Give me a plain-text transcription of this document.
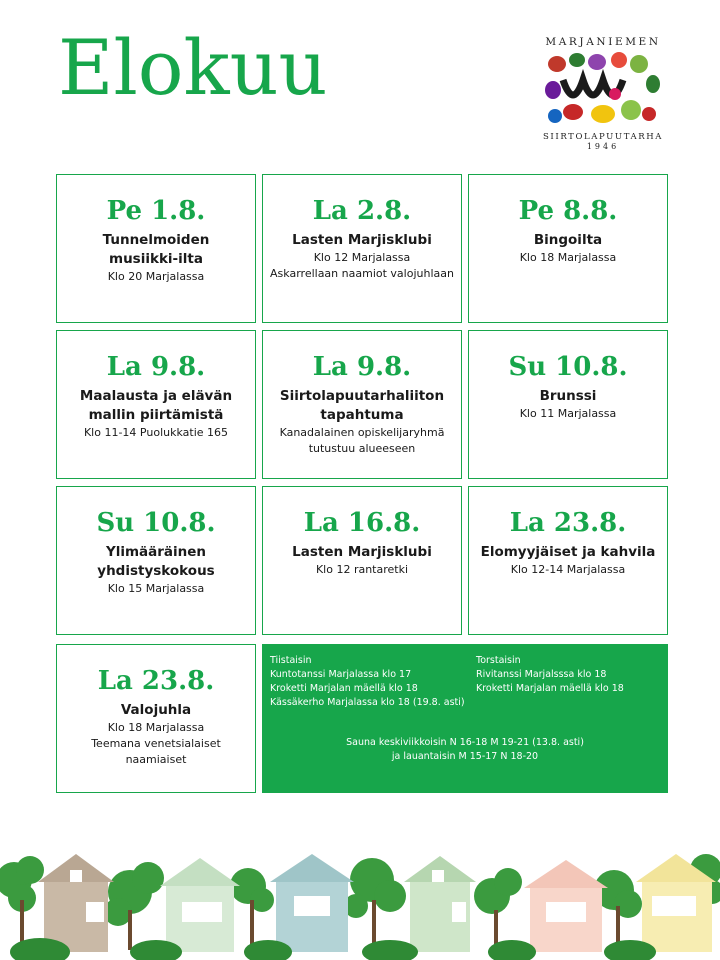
Elokuu	MARJANIEMEN
SIIRTOLAPUUTARHA
1946
Pe 1.8.
Tunnelmoiden musiikki-ilta
Klo 20 Marjalassa
La 2.8.
Lasten Marjisklubi
Klo 12 Marjalassa
Askarrellaan naamiot valojuhlaan
Pe 8.8.
Bingoilta
Klo 18 Marjalassa
La 9.8.
Maalausta ja elävän mallin piirtämistä
Klo 11-14 Puolukkatie 165
La 9.8.
Siirtolapuutarhaliiton tapahtuma
Kanadalainen opiskelijaryhmä
tutustuu alueeseen
Su 10.8.
Brunssi
Klo 11 Marjalassa
Su 10.8.
Ylimääräinen yhdistyskokous
Klo 15 Marjalassa
La 16.8.
Lasten Marjisklubi
Klo 12 rantaretki
La 23.8.
Elomyyjäiset ja kahvila
Klo 12-14 Marjalassa
La 23.8.
Valojuhla
Klo 18 Marjalassa
Teemana venetsialaiset
naamiaiset
Tiistaisin
Kuntotanssi Marjalassa klo 17
Kroketti Marjalan mäellä klo 18
Kässäkerho Marjalassa klo 18 (19.8. asti)
Torstaisin
Rivitanssi Marjalsssa klo 18
Kroketti Marjalan mäellä klo 18
Sauna keskiviikkoisin N 16-18 M 19-21 (13.8. asti)
ja lauantaisin M 15-17 N 18-20
